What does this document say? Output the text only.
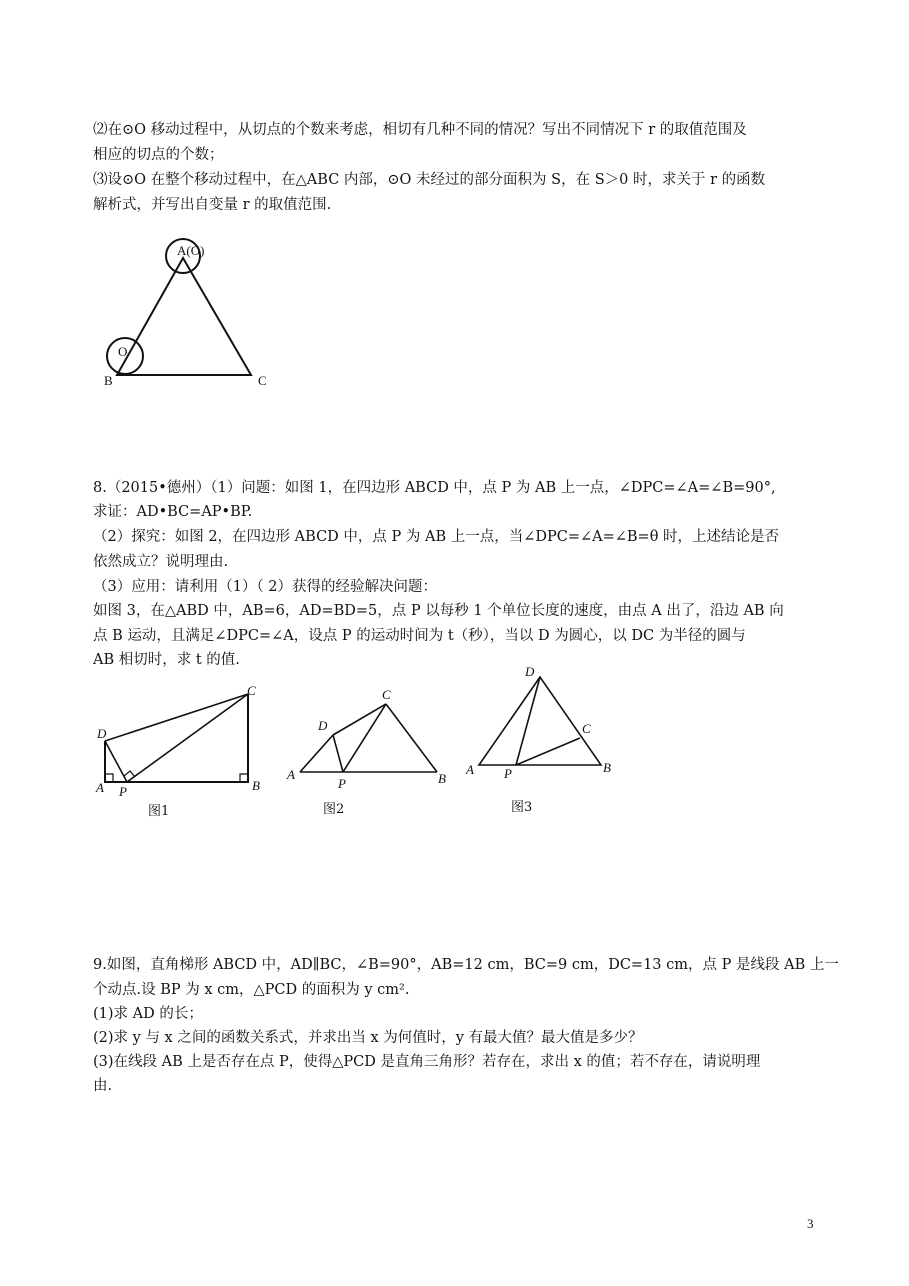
⑵在⊙O 移动过程中，从切点的个数来考虑，相切有几种不同的情况？写出不同情况下 r 的取值范围及

相应的切点的个数；

⑶设⊙O 在整个移动过程中，在△ABC 内部，⊙O 未经过的部分面积为 S，在 S＞0 时，求关于 r 的函数

解析式，并写出自变量 r 的取值范围.

A(O)
O
B	C

8.（2015•德州）（1）问题：如图 1，在四边形 ABCD 中，点 P 为 AB 上一点，∠DPC=∠A=∠B=90°,

求证：AD•BC=AP•BP.

（2）探究：如图 2，在四边形 ABCD 中，点 P 为 AB 上一点，当∠DPC=∠A=∠B=θ 时，上述结论是否

依然成立？说明理由.

（3）应用：请利用（1）（ 2）获得的经验解决问题：

如图 3，在△ABD 中，AB=6，AD=BD=5，点 P 以每秒 1 个单位长度的速度，由点 A 出了，沿边 AB 向

点 B 运动，且满足∠DPC=∠A，设点 P 的运动时间为 t（秒），当以 D 为圆心，以 DC 为半径的圆与

AB 相切时，求 t 的值.

D
C
A P	B
图1
D
C
A
P	B
图2
D
C
A P	B
图3

9.如图，直角梯形 ABCD 中，AD∥BC，∠B=90°，AB=12 cm，BC=9 cm，DC=13 cm，点 P 是线段 AB 上一

个动点.设 BP 为 x cm，△PCD 的面积为 y cm².

(1)求 AD 的长；

(2)求 y 与 x 之间的函数关系式，并求出当 x 为何值时，y 有最大值？最大值是多少？

(3)在线段 AB 上是否存在点 P，使得△PCD 是直角三角形？若存在，求出 x 的值；若不存在，请说明理

由.

3
